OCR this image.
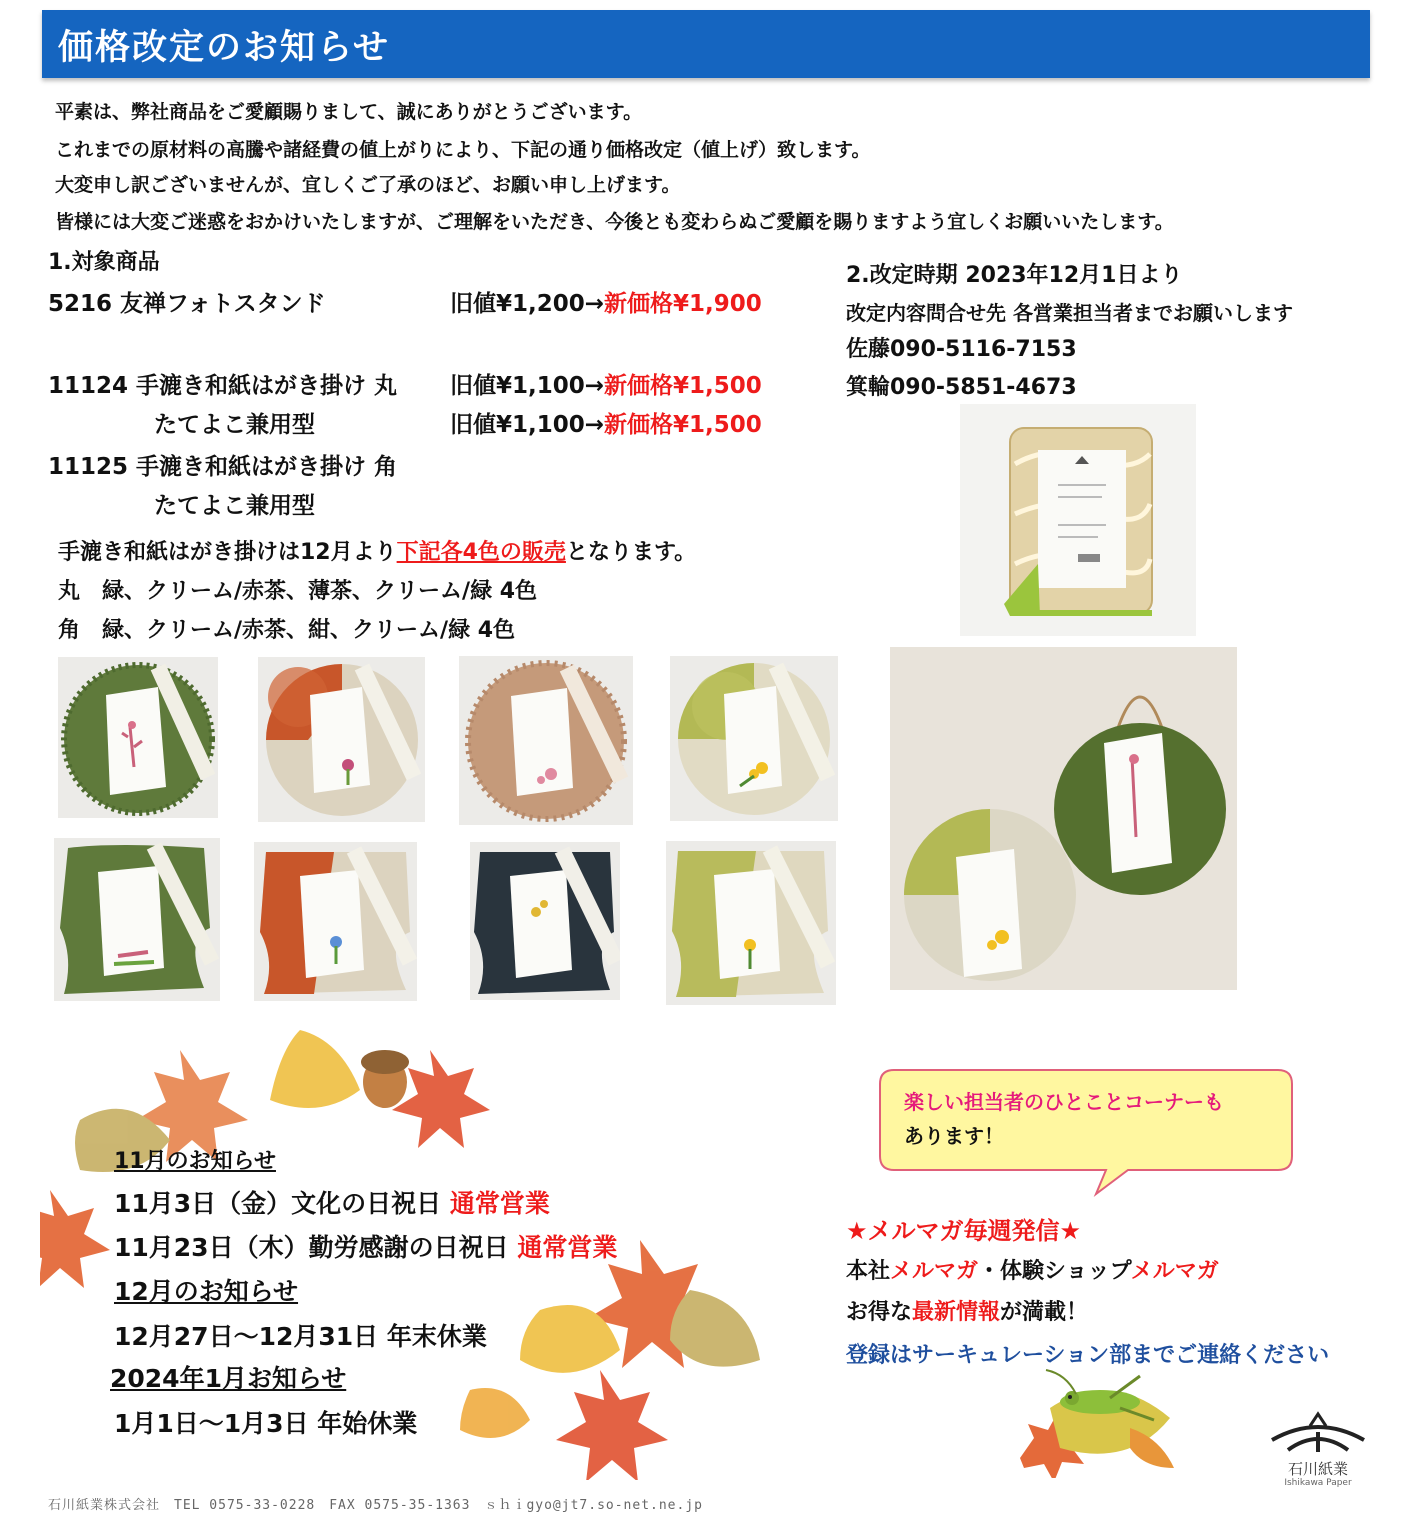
価格改定のお知らせ
平素は、弊社商品をご愛顧賜りまして、誠にありがとうございます。
これまでの原材料の高騰や諸経費の値上がりにより、下記の通り価格改定（値上げ）致します。
大変申し訳ございませんが、宜しくご了承のほど、お願い申し上げます。
皆様には大変ご迷惑をおかけいたしますが、ご理解をいただき、今後とも変わらぬご愛顧を賜りますよう宜しくお願いいたします。
1.対象商品
5216 友禅フォトスタンド	旧値¥1,200→新価格¥1,900
11124 手漉き和紙はがき掛け 丸 旧値¥1,100→新価格¥1,500
たてよこ兼用型	旧値¥1,100→新価格¥1,500
11125 手漉き和紙はがき掛け 角
たてよこ兼用型
手漉き和紙はがき掛けは12月より下記各4色の販売となります。
丸　緑、クリーム/赤茶、薄茶、クリーム/緑 4色
角　緑、クリーム/赤茶、紺、クリーム/緑 4色
2.改定時期 2023年12月1日より
改定内容問合せ先 各営業担当者までお願いします
佐藤090-5116-7153
箕輪090-5851-4673
11月のお知らせ
11月3日（金）文化の日祝日 通常営業
11月23日（木）勤労感謝の日祝日 通常営業
12月のお知らせ
12月27日～12月31日 年末休業
2024年1月お知らせ
1月1日～1月3日 年始休業
楽しい担当者のひとことコーナーも
あります！
★メルマガ毎週発信★
本社メルマガ・体験ショップメルマガ
お得な最新情報が満載！
登録はサーキュレーション部までご連絡ください
石川紙業
Ishikawa Paper
石川紙業株式会社　TEL 0575-33-0228　FAX 0575-35-1363　ｓｈｉgyo@jt7.so-net.ne.jp
